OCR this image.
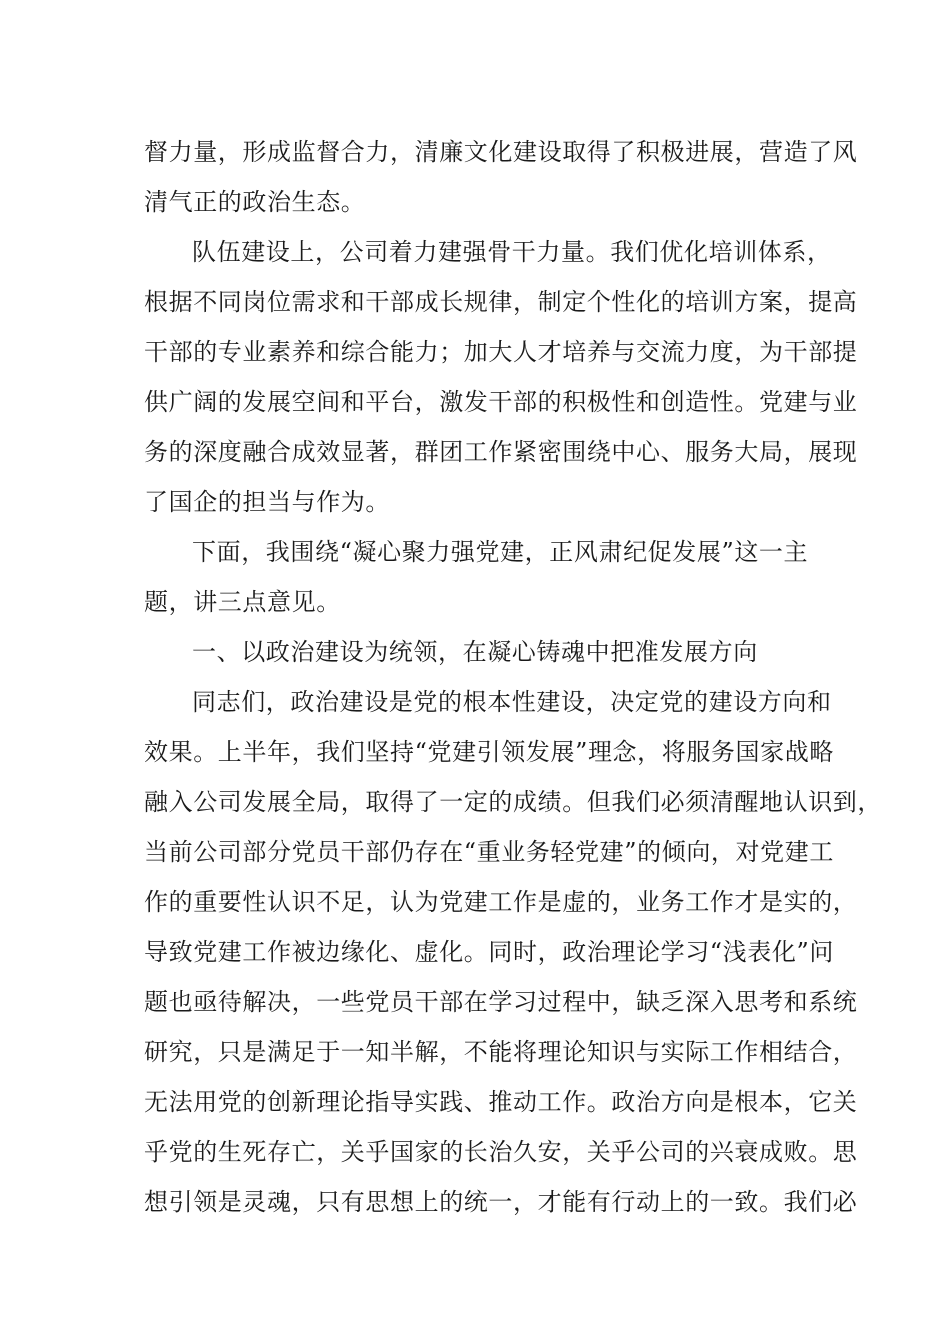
督力量，形成监督合力，清廉文化建设取得了积极进展，营造了风
清气正的政治生态。
队伍建设上，公司着力建强骨干力量。我们优化培训体系，
根据不同岗位需求和干部成长规律，制定个性化的培训方案，提高
干部的专业素养和综合能力；加大人才培养与交流力度，为干部提
供广阔的发展空间和平台，激发干部的积极性和创造性。党建与业
务的深度融合成效显著，群团工作紧密围绕中心、服务大局，展现
了国企的担当与作为。
下面，我围绕“凝心聚力强党建，正风肃纪促发展”这一主
题，讲三点意见。
一、以政治建设为统领，在凝心铸魂中把准发展方向
同志们，政治建设是党的根本性建设，决定党的建设方向和
效果。上半年，我们坚持“党建引领发展”理念，将服务国家战略
融入公司发展全局，取得了一定的成绩。但我们必须清醒地认识到，
当前公司部分党员干部仍存在“重业务轻党建”的倾向，对党建工
作的重要性认识不足，认为党建工作是虚的，业务工作才是实的，
导致党建工作被边缘化、虚化。同时，政治理论学习“浅表化”问
题也亟待解决，一些党员干部在学习过程中，缺乏深入思考和系统
研究，只是满足于一知半解，不能将理论知识与实际工作相结合，
无法用党的创新理论指导实践、推动工作。政治方向是根本，它关
乎党的生死存亡，关乎国家的长治久安，关乎公司的兴衰成败。思
想引领是灵魂，只有思想上的统一，才能有行动上的一致。我们必
